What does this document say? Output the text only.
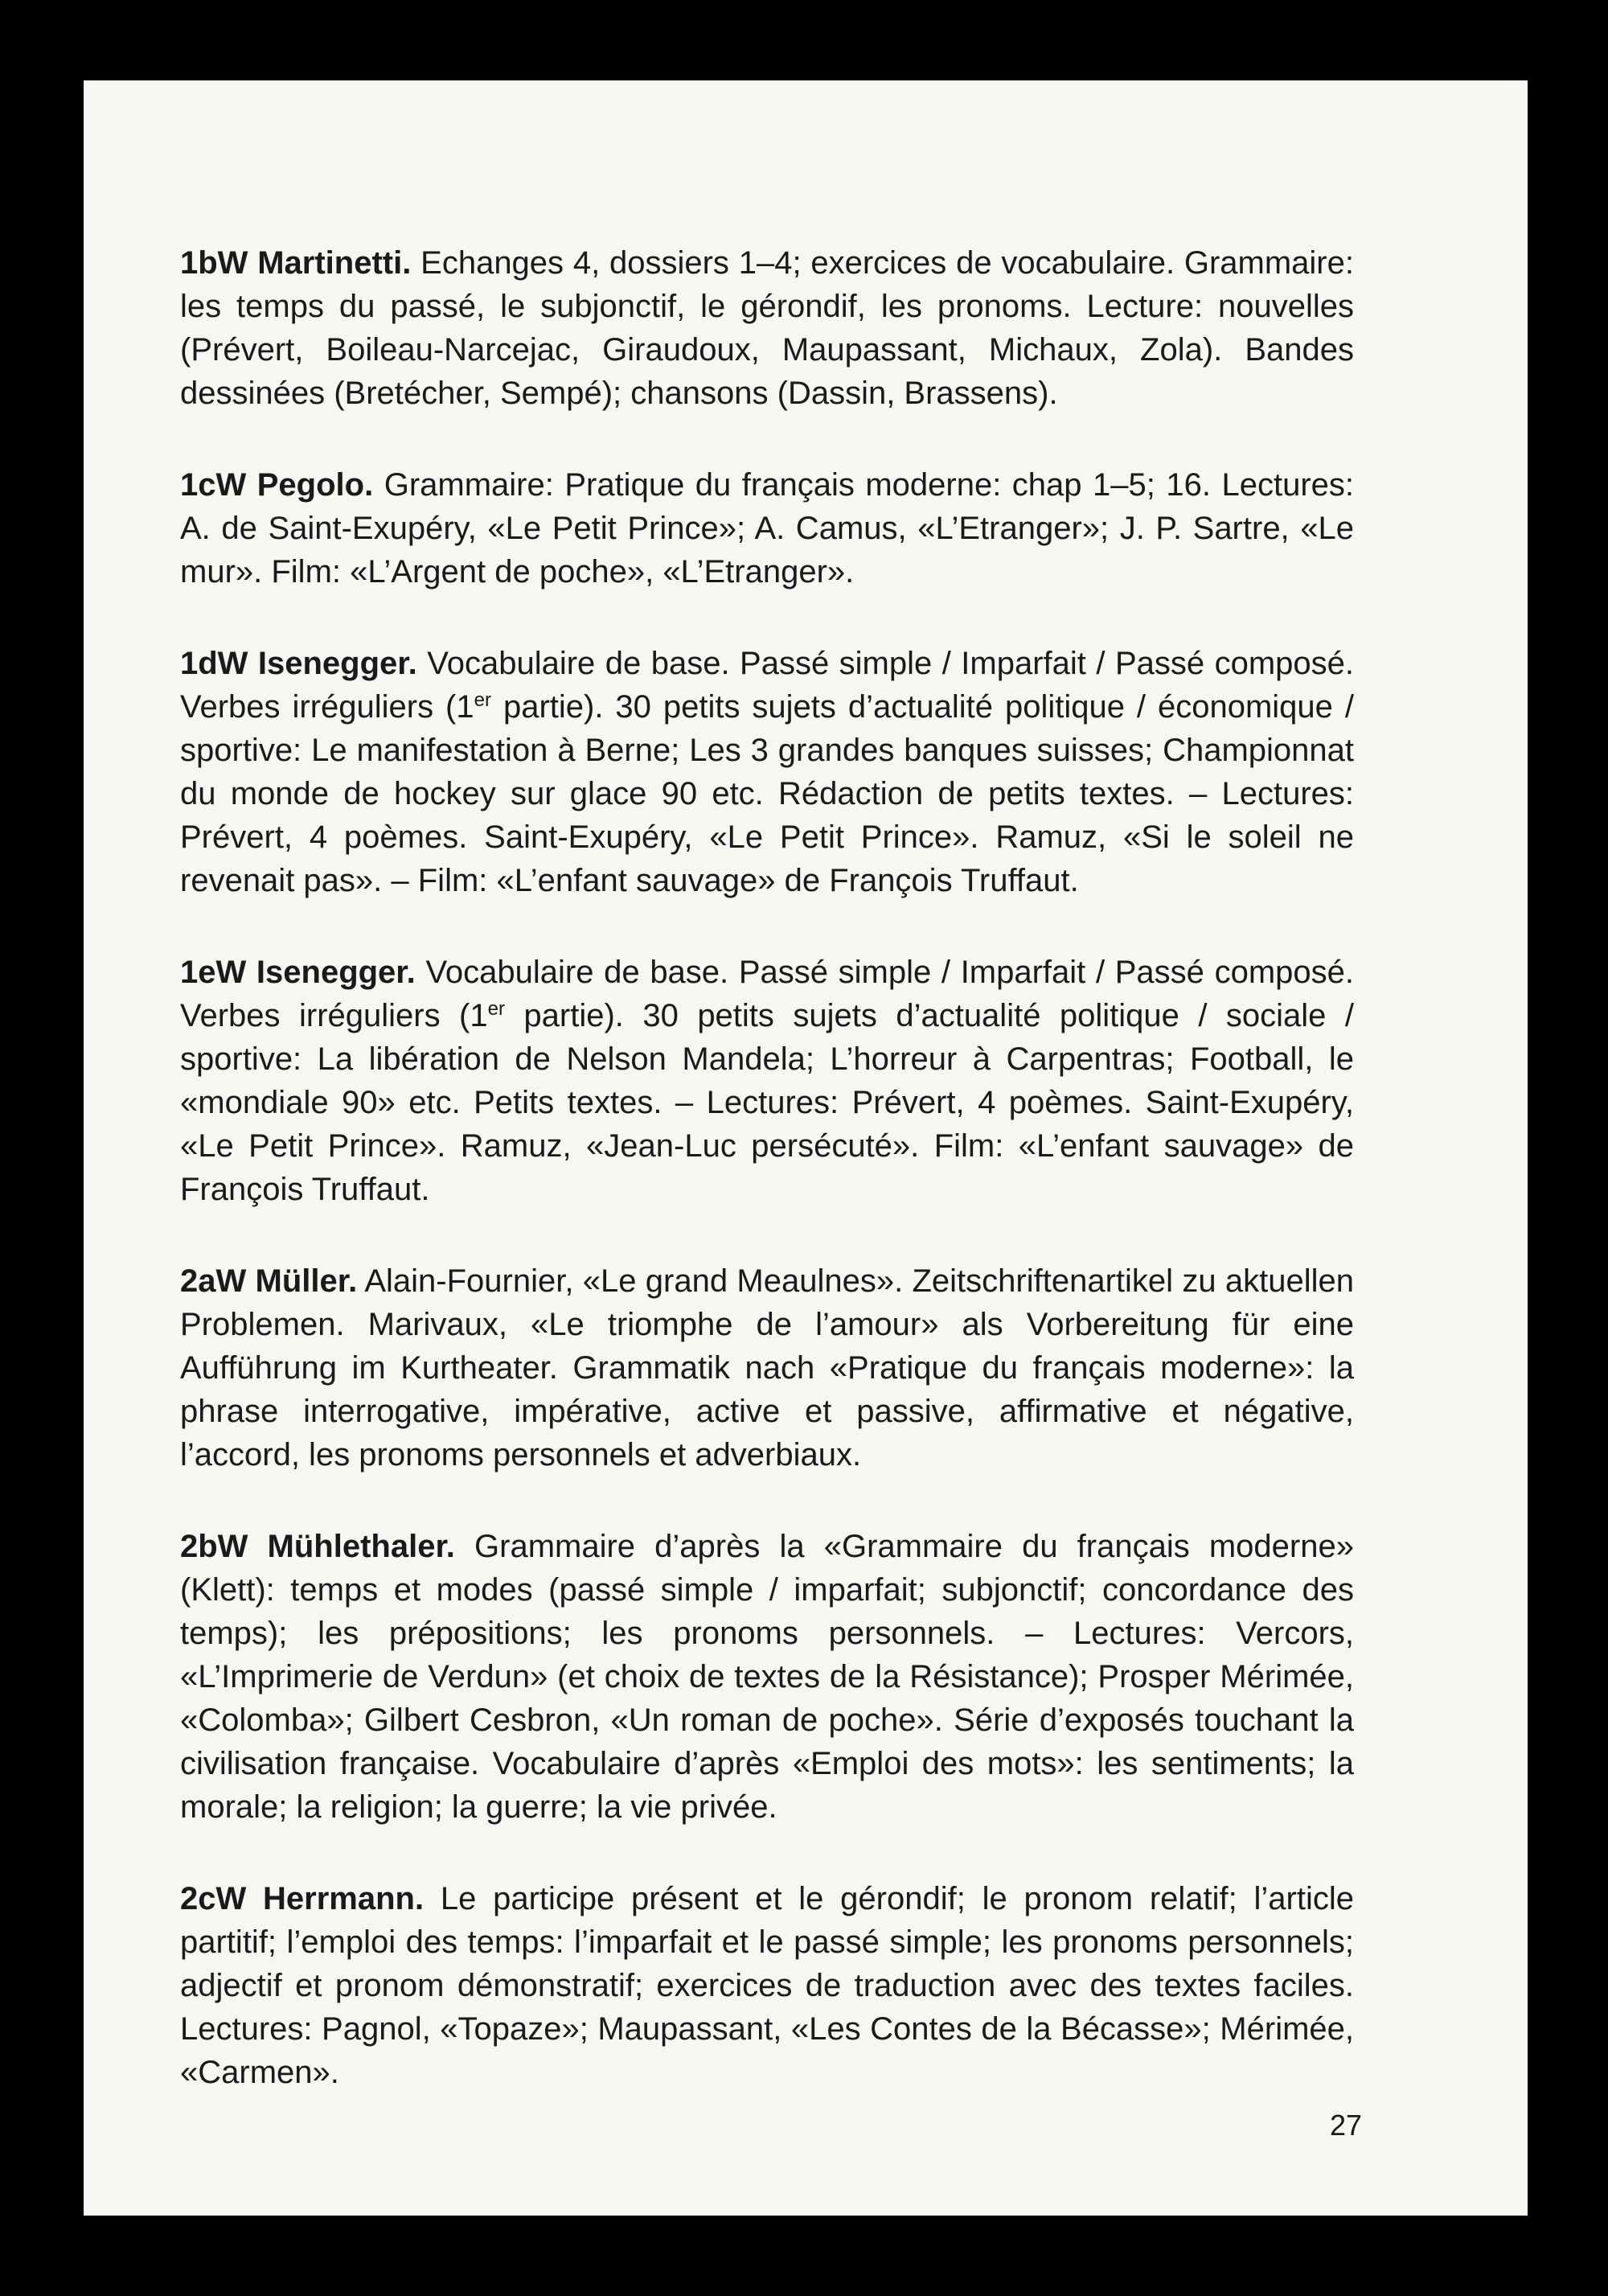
1bW Martinetti. Echanges 4, dossiers 1–4; exercices de vocabulaire. Grammaire: les temps du passé, le subjonctif, le gérondif, les pronoms. Lecture: nouvelles (Prévert, Boileau-Narcejac, Giraudoux, Maupassant, Michaux, Zola). Bandes dessinées (Bretécher, Sempé); chansons (Dassin, Brassens).

1cW Pegolo. Grammaire: Pratique du français moderne: chap 1–5; 16. Lectures: A. de Saint-Exupéry, «Le Petit Prince»; A. Camus, «L’Etranger»; J. P. Sartre, «Le mur». Film: «L’Argent de poche», «L’Etranger».

1dW Isenegger. Vocabulaire de base. Passé simple / Imparfait / Passé composé. Verbes irréguliers (1er partie). 30 petits sujets d’actualité politique / économique / sportive: Le manifestation à Berne; Les 3 grandes banques suisses; Championnat du monde de hockey sur glace 90 etc. Rédaction de petits textes. – Lectures: Prévert, 4 poèmes. Saint-Exupéry, «Le Petit Prince». Ramuz, «Si le soleil ne revenait pas». – Film: «L’enfant sauvage» de François Truffaut.

1eW Isenegger. Vocabulaire de base. Passé simple / Imparfait / Passé composé. Verbes irréguliers (1er partie). 30 petits sujets d’actualité politique / sociale / sportive: La libération de Nelson Mandela; L’horreur à Carpentras; Football, le «mondiale 90» etc. Petits textes. – Lectures: Prévert, 4 poèmes. Saint-Exupéry, «Le Petit Prince». Ramuz, «Jean-Luc persécuté». Film: «L’enfant sauvage» de François Truffaut.

2aW Müller. Alain-Fournier, «Le grand Meaulnes». Zeitschriftenartikel zu aktuellen Problemen. Marivaux, «Le triomphe de l’amour» als Vorbereitung für eine Aufführung im Kurtheater. Grammatik nach «Pratique du français moderne»: la phrase interrogative, impérative, active et passive, affirmative et négative, l’accord, les pronoms personnels et adverbiaux.

2bW Mühlethaler. Grammaire d’après la «Grammaire du français moderne» (Klett): temps et modes (passé simple / imparfait; subjonctif; concordance des temps); les prépositions; les pronoms personnels. – Lectures: Vercors, «L’Imprimerie de Verdun» (et choix de textes de la Résistance); Prosper Mérimée, «Colomba»; Gilbert Cesbron, «Un roman de poche». Série d’exposés touchant la civilisation française. Vocabulaire d’après «Emploi des mots»: les sentiments; la morale; la religion; la guerre; la vie privée.

2cW Herrmann. Le participe présent et le gérondif; le pronom relatif; l’article partitif; l’emploi des temps: l’imparfait et le passé simple; les pronoms personnels; adjectif et pronom démonstratif; exercices de traduction avec des textes faciles. Lectures: Pagnol, «Topaze»; Maupassant, «Les Contes de la Bécasse»; Mérimée, «Carmen».

27
